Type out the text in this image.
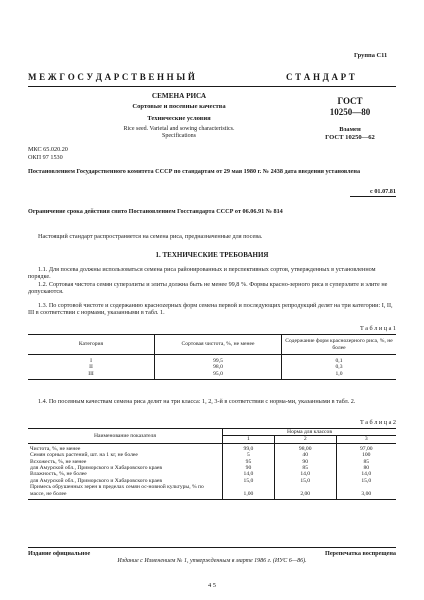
Группа С11
М Е Ж Г О С У Д А Р С Т В Е Н Н Ы Й	С Т А Н Д А Р Т
СЕМЕНА РИСА
Сортовые и посевные качества
Технические условия
Rice seed. Varietal and sowing characteristics.
Specifications
ГОСТ
10250—80
Взамен
ГОСТ 10250—62
МКС 65.020.20
ОКП 97 1530
Постановлением Государственного комитета СССР по стандартам от 29 мая 1980 г. № 2438 дата введения установлена
с 01.07.81
Ограничение срока действия снято Постановлением Госстандарта СССР от 06.06.91 № 814
Настоящий стандарт распространяется на семена риса, предназначенные для посева.
1. ТЕХНИЧЕСКИЕ ТРЕБОВАНИЯ
1.1. Для посева должны использоваться семена риса районированных и перспективных сортов, утвержденных в установленном порядке.
1.2. Сортовая чистота семян суперэлиты и элиты должна быть не менее 99,8 %. Формы красно-зерного риса в суперэлите и элите не допускаются.
1.3. По сортовой чистоте и содержанию красноzерных форм семена первой и последующих репродукций делят на три категории: I, II, III в соответствии с нормами, указанными в табл. 1.
Т а б л и ц а 1
Категория	Сортовая чистота, %, не менее	Содержание форм красноzерного риса, %, не более
I	99,5	0,1
II	98,0	0,3
III	95,0	1,0
1.4. По посевным качествам семена риса делят на три класса: 1, 2, 3-й в соответствии с норма-ми, указанными в табл. 2.
Т а б л и ц а 2
Наименование показателя	Норма для классов		
	1	2	3
Чистота, %, не менее	99,0	98,00	97,00
Семян сорных растений, шт. на 1 кг, не более	5	40	100
Всхожесть, %, не менее	95	90	85
для Амурской обл., Приморского и Хабаровского краев	90	85	80
Влажность, %, не более	14,0	14,0	14,0
для Амурской обл., Приморского и Хабаровского краев	15,0	15,0	15,0
Примесь обрушенных зерен в пределах семян ос-новной культуры, % по массе, не более	1,00	2,00	3,00
Издание официальное	Перепечатка воспрещена
Издание с Изменением № 1, утвержденным в марте 1986 г. (ИУС 6—86).
4 5
